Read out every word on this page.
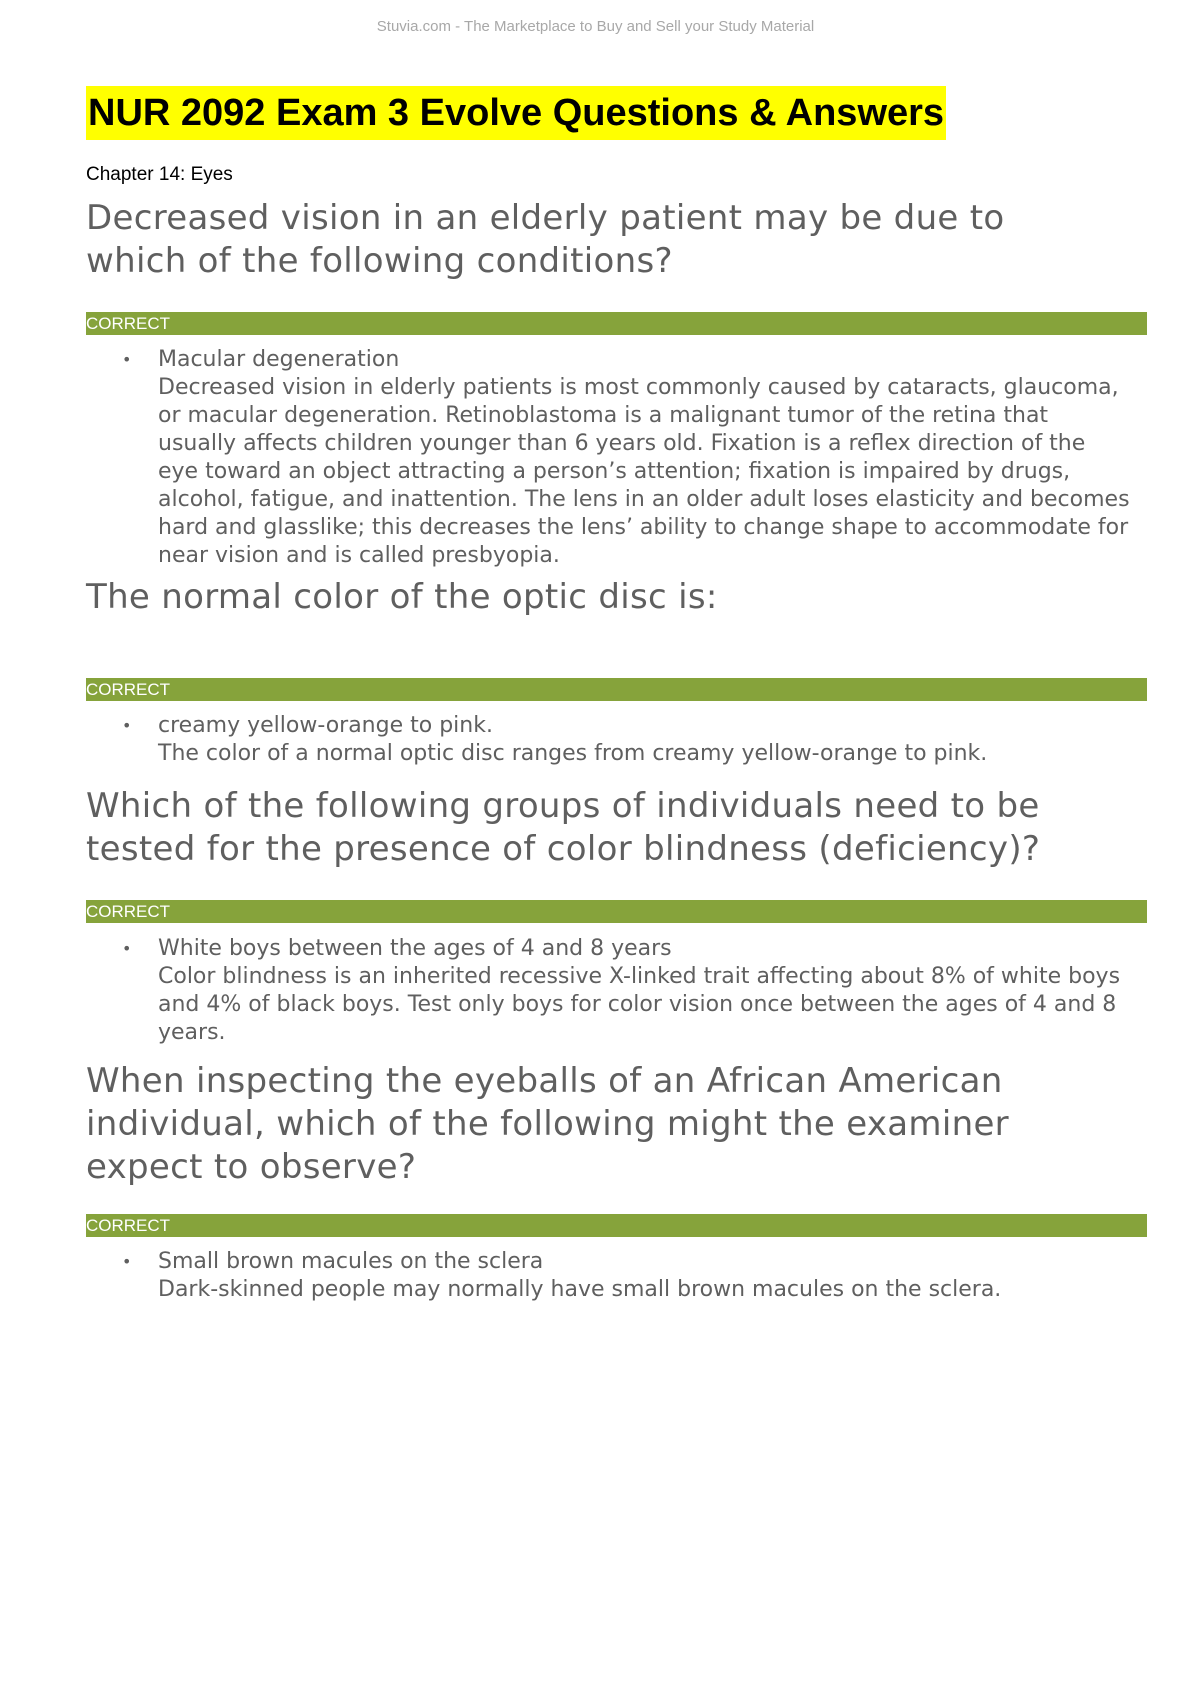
Stuvia.com - The Marketplace to Buy and Sell your Study Material
NUR 2092 Exam 3 Evolve Questions & Answers
Chapter 14: Eyes
Decreased vision in an elderly patient may be due to which of the following conditions?
CORRECT
• Macular degeneration
Decreased vision in elderly patients is most commonly caused by cataracts, glaucoma, or macular degeneration. Retinoblastoma is a malignant tumor of the retina that usually affects children younger than 6 years old. Fixation is a reflex direction of the eye toward an object attracting a person’s attention; fixation is impaired by drugs, alcohol, fatigue, and inattention. The lens in an older adult loses elasticity and becomes hard and glasslike; this decreases the lens’ ability to change shape to accommodate for near vision and is called presbyopia.
The normal color of the optic disc is:
CORRECT
• creamy yellow-orange to pink.
The color of a normal optic disc ranges from creamy yellow-orange to pink.
Which of the following groups of individuals need to be tested for the presence of color blindness (deficiency)?
CORRECT
• White boys between the ages of 4 and 8 years
Color blindness is an inherited recessive X-linked trait affecting about 8% of white boys and 4% of black boys. Test only boys for color vision once between the ages of 4 and 8 years.
When inspecting the eyeballs of an African American individual, which of the following might the examiner expect to observe?
CORRECT
• Small brown macules on the sclera
Dark-skinned people may normally have small brown macules on the sclera.
